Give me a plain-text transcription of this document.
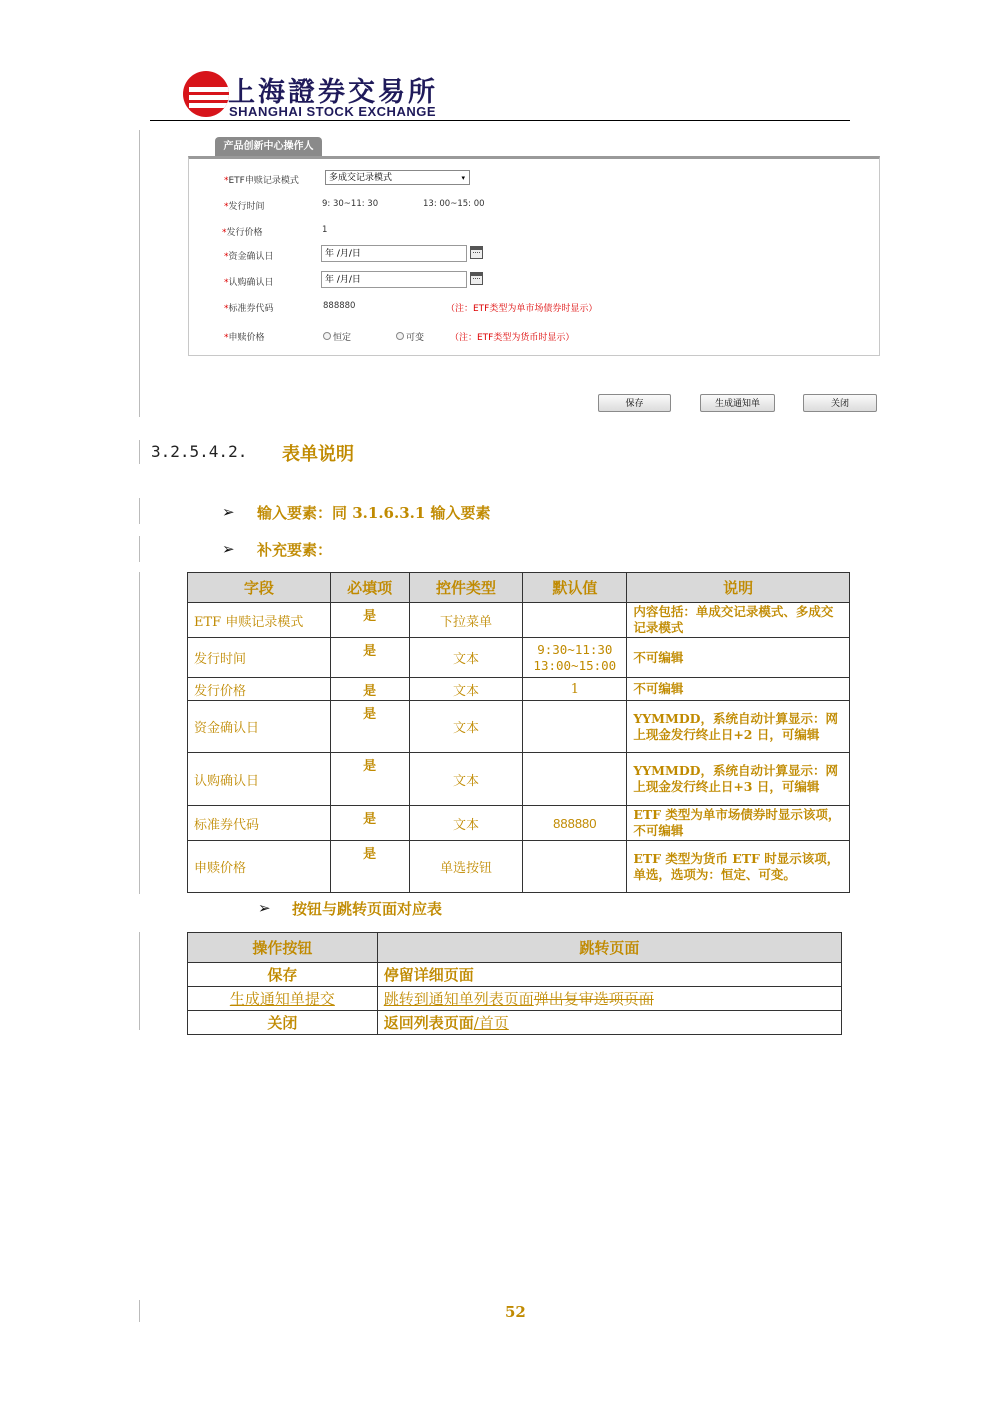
上海證券交易所
SHANGHAI STOCK EXCHANGE
产品创新中心操作人
*ETF申赎记录模式	多成交记录模式	▾
*发行时间	9: 30~11: 30	13: 00~15: 00
*发行价格	1
*资金确认日	年 /月/日
*认购确认日	年 /月/日
*标准券代码	888880	（注：ETF类型为单市场债券时显示）
*申赎价格	恒定	可变	（注：ETF类型为货币时显示）
保存	生成通知单	关闭
3.2.5.4.2. 表单说明
➢ 输入要素：同 3.1.6.3.1 输入要素
➢ 补充要素：
字段	必填项	控件类型	默认值	说明
ETF 申赎记录模式	是	下拉菜单		内容包括：单成交记录模式、多成交记录模式
发行时间	是	文本	9:30~11:30 13:00~15:00	不可编辑
发行价格	是	文本	1	不可编辑
资金确认日	是	文本		YYMMDD，系统自动计算显示：网上现金发行终止日+2 日，可编辑
认购确认日	是	文本		YYMMDD，系统自动计算显示：网上现金发行终止日+3 日，可编辑
标准券代码	是	文本	888880	ETF 类型为单市场债券时显示该项，不可编辑
申赎价格	是	单选按钮		ETF 类型为货币 ETF 时显示该项，单选，选项为：恒定、可变。
➢ 按钮与跳转页面对应表
操作按钮	跳转页面
保存	停留详细页面
生成通知单提交	跳转到通知单列表页面弹出复审选项页面
关闭	返回列表页面/首页
52
